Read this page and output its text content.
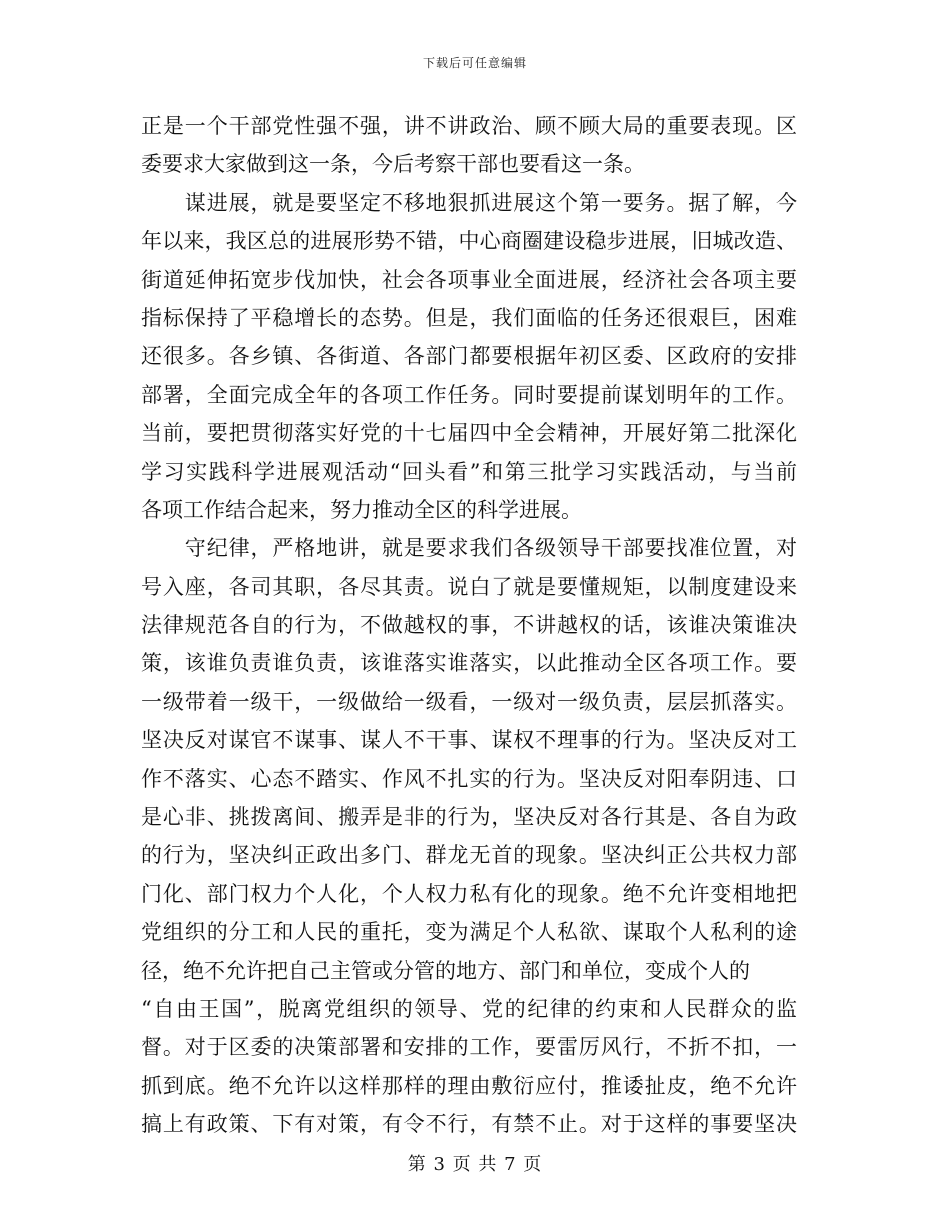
下载后可任意编辑
正是一个干部党性强不强，讲不讲政治、顾不顾大局的重要表现。区
委要求大家做到这一条，今后考察干部也要看这一条。
　　谋进展，就是要坚定不移地狠抓进展这个第一要务。据了解，今
年以来，我区总的进展形势不错，中心商圈建设稳步进展，旧城改造、
街道延伸拓宽步伐加快，社会各项事业全面进展，经济社会各项主要
指标保持了平稳增长的态势。但是，我们面临的任务还很艰巨，困难
还很多。各乡镇、各街道、各部门都要根据年初区委、区政府的安排
部署，全面完成全年的各项工作任务。同时要提前谋划明年的工作。
当前，要把贯彻落实好党的十七届四中全会精神，开展好第二批深化
学习实践科学进展观活动“回头看”和第三批学习实践活动，与当前
各项工作结合起来，努力推动全区的科学进展。
　　守纪律，严格地讲，就是要求我们各级领导干部要找准位置，对
号入座，各司其职，各尽其责。说白了就是要懂规矩，以制度建设来
法律规范各自的行为，不做越权的事，不讲越权的话，该谁决策谁决
策，该谁负责谁负责，该谁落实谁落实，以此推动全区各项工作。要
一级带着一级干，一级做给一级看，一级对一级负责，层层抓落实。
坚决反对谋官不谋事、谋人不干事、谋权不理事的行为。坚决反对工
作不落实、心态不踏实、作风不扎实的行为。坚决反对阳奉阴违、口
是心非、挑拨离间、搬弄是非的行为，坚决反对各行其是、各自为政
的行为，坚决纠正政出多门、群龙无首的现象。坚决纠正公共权力部
门化、部门权力个人化，个人权力私有化的现象。绝不允许变相地把
党组织的分工和人民的重托，变为满足个人私欲、谋取个人私利的途
径，绝不允许把自己主管或分管的地方、部门和单位，变成个人的
“自由王国”，脱离党组织的领导、党的纪律的约束和人民群众的监
督。对于区委的决策部署和安排的工作，要雷厉风行，不折不扣，一
抓到底。绝不允许以这样那样的理由敷衍应付，推诿扯皮，绝不允许
搞上有政策、下有对策，有令不行，有禁不止。对于这样的事要坚决
第 3 页 共 7 页
